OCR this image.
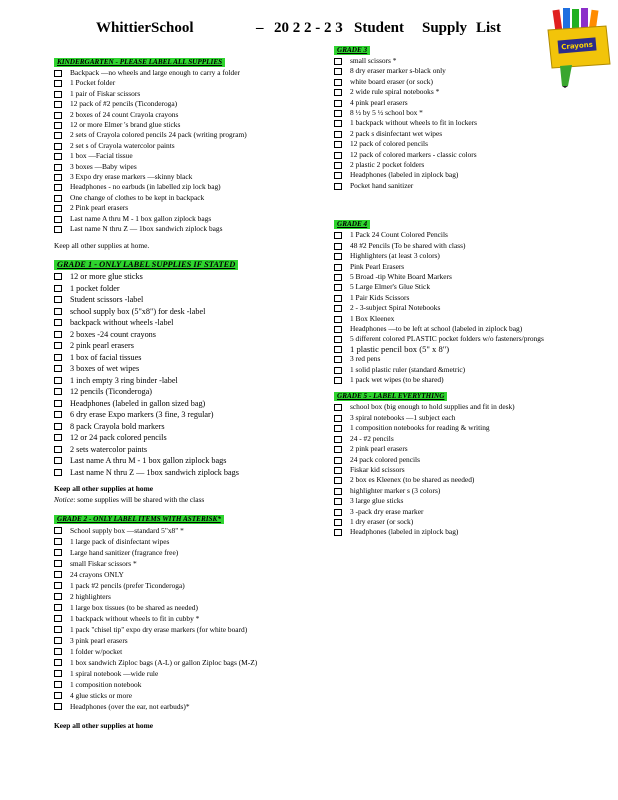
WhittierSchool	– 20 2 2 - 2 3 Student Supply List
Crayons
KINDERGARTEN - PLEASE LABEL ALL SUPPLIES
Backpack —no wheels and large enough to carry a folder
1 Pocket folder
1 pair of Fiskar scissors
12 pack of #2 pencils (Ticonderoga)
2 boxes of 24 count Crayola crayons
12 or more Elmer 's brand glue sticks
2 sets of Crayola colored pencils 24 pack (writing program)
2 set s of Crayola watercolor paints
1 box —Facial tissue
3 boxes —Baby wipes
3 Expo dry erase markers —skinny black
Headphones - no earbuds (in labelled zip lock bag)
One change of clothes to be kept in backpack
2 Pink pearl erasers
Last name A thru M - 1 box gallon ziplock bags
Last name N thru Z — 1box sandwich ziplock bags
Keep all other supplies at home.
GRADE 1 - ONLY LABEL SUPPLIES IF STATED
12 or more glue sticks
1 pocket folder
Student scissors -label
school supply box (5"x8") for desk -label
backpack without wheels -label
2 boxes -24 count crayons
2 pink pearl erasers
1 box of facial tissues
3 boxes of wet wipes
1 inch empty 3 ring binder -label
12 pencils (Ticonderoga)
Headphones (labeled in gallon sized bag)
6 dry erase Expo markers (3 fine, 3 regular)
8 pack Crayola bold markers
12 or 24 pack colored pencils
2 sets watercolor paints
Last name A thru M - 1 box gallon ziplock bags
Last name N thru Z — 1box sandwich ziplock bags
Keep all other supplies at home
Notice: some supplies will be shared with the class
GRADE 2 - ONLY LABEL ITEMS WITH ASTERISK*
School supply box —standard 5"x8" *
1 large pack of disinfectant wipes
Large hand sanitizer (fragrance free)
small Fiskar scissors *
24 crayons ONLY
1 pack #2 pencils (prefer Ticonderoga)
2 highlighters
1 large box tissues (to be shared as needed)
1 backpack without wheels to fit in cubby *
1 pack "chisel tip" expo dry erase markers (for white board)
3 pink pearl erasers
1 folder w/pocket
1 box sandwich Ziploc bags (A-L) or gallon Ziploc bags (M-Z)
1 spiral notebook —wide rule
1 composition notebook
4 glue sticks or more
Headphones (over the ear, not earbuds)*
Keep all other supplies at home
GRADE 3
small scissors *
8 dry eraser marker s-black only
white board eraser (or sock)
2 wide rule spiral notebooks *
4 pink pearl erasers
8 ½ by 5 ½ school box *
1 backpack without wheels to fit in lockers
2 pack s disinfectant wet wipes
12 pack of colored pencils
12 pack of colored markers - classic colors
2 plastic 2 pocket folders
Headphones (labeled in ziplock bag)
Pocket hand sanitizer
GRADE 4
1 Pack 24 Count Colored Pencils
48 #2 Pencils (To be shared with class)
Highlighters (at least 3 colors)
Pink Pearl Erasers
5 Broad -tip White Board Markers
5 Large Elmer's Glue Stick
1 Pair Kids Scissors
2 - 3-subject Spiral Notebooks
1 Box Kleenex
Headphones —to be left at school (labeled in ziplock bag)
5 different colored PLASTIC pocket folders w/o fasteners/prongs
1 plastic pencil box (5" x 8")
3 red pens
1 solid plastic ruler (standard &metric)
1 pack wet wipes (to be shared)
GRADE 5 - LABEL EVERYTHING
school box (big enough to hold supplies and fit in desk)
3 spiral notebooks —1 subject each
1 composition notebooks for reading & writing
24 - #2 pencils
2 pink pearl erasers
24 pack colored pencils
Fiskar kid scissors
2 box es Kleenex (to be shared as needed)
highlighter marker s (3 colors)
3 large glue sticks
3 -pack dry erase marker
1 dry eraser (or sock)
Headphones (labeled in ziplock bag)
